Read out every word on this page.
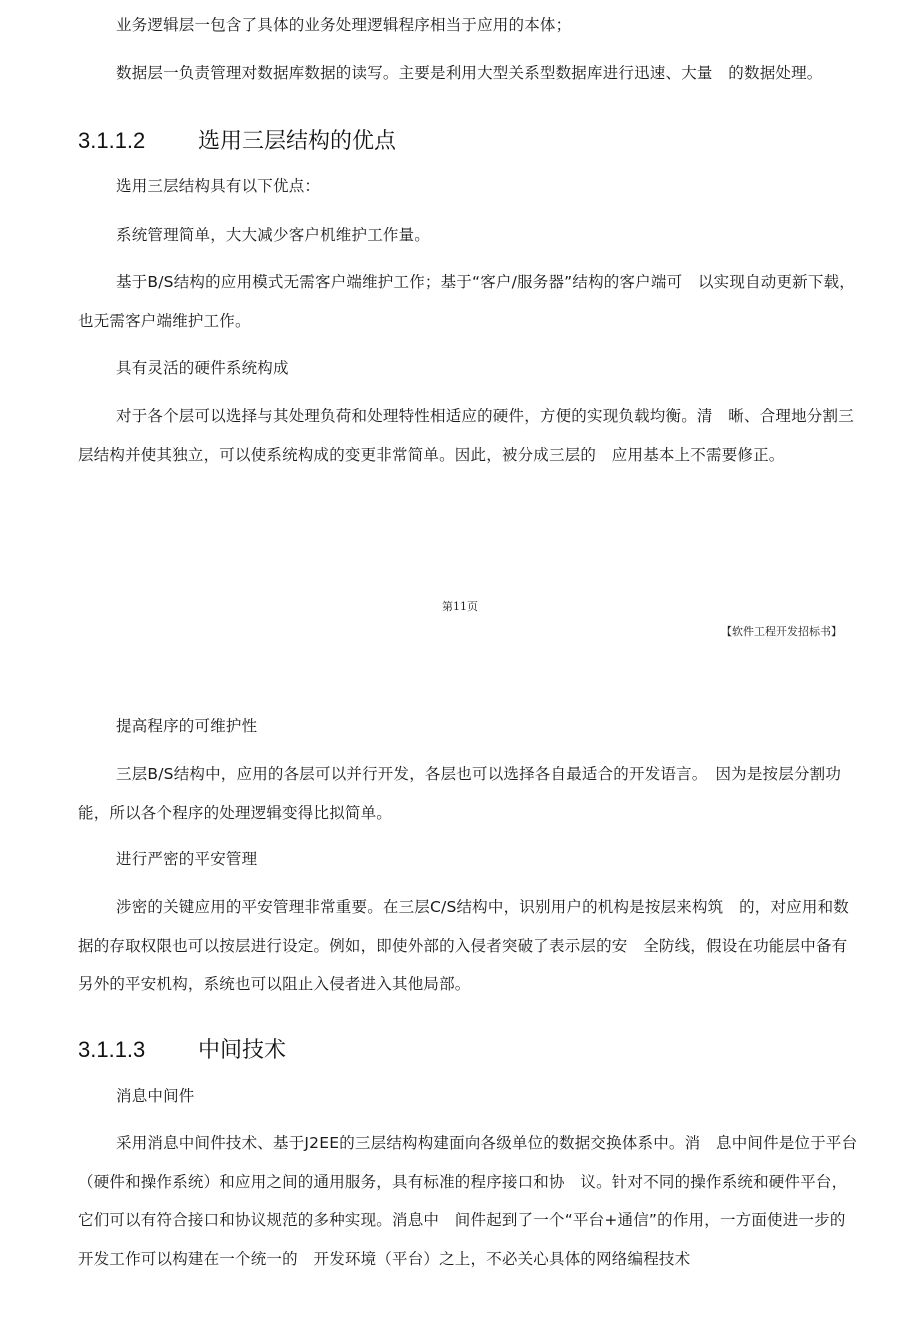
业务逻辑层一包含了具体的业务处理逻辑程序相当于应用的本体；

数据层一负责管理对数据库数据的读写。主要是利用大型关系型数据库进行迅速、大量　的数据处理。

3.1.1.2 选用三层结构的优点

选用三层结构具有以下优点：

系统管理简单，大大减少客户机维护工作量。

基于B/S结构的应用模式无需客户端维护工作；基于“客户/服务器”结构的客户端可　以实现自动更新下载，也无需客户端维护工作。

具有灵活的硬件系统构成

对于各个层可以选择与其处理负荷和处理特性相适应的硬件，方便的实现负载均衡。清　晰、合理地分割三层结构并使其独立，可以使系统构成的变更非常简单。因此，被分成三层的　应用基本上不需要修正。

第11页
【软件工程开发招标书】

提高程序的可维护性

三层B/S结构中，应用的各层可以并行开发，各层也可以选择各自最适合的开发语言。　因为是按层分割功能，所以各个程序的处理逻辑变得比拟简单。

进行严密的平安管理

涉密的关键应用的平安管理非常重要。在三层C/S结构中，识别用户的机构是按层来构筑　的，对应用和数据的存取权限也可以按层进行设定。例如，即使外部的入侵者突破了表示层的安　全防线，假设在功能层中备有另外的平安机构，系统也可以阻止入侵者进入其他局部。

3.1.1.3 中间技术

消息中间件

采用消息中间件技术、基于J2EE的三层结构构建面向各级单位的数据交换体系中。消　息中间件是位于平台（硬件和操作系统）和应用之间的通用服务，具有标准的程序接口和协　议。针对不同的操作系统和硬件平台，它们可以有符合接口和协议规范的多种实现。消息中　间件起到了一个“平台+通信”的作用，一方面使进一步的开发工作可以构建在一个统一的　开发环境（平台）之上，不必关心具体的网络编程技术
